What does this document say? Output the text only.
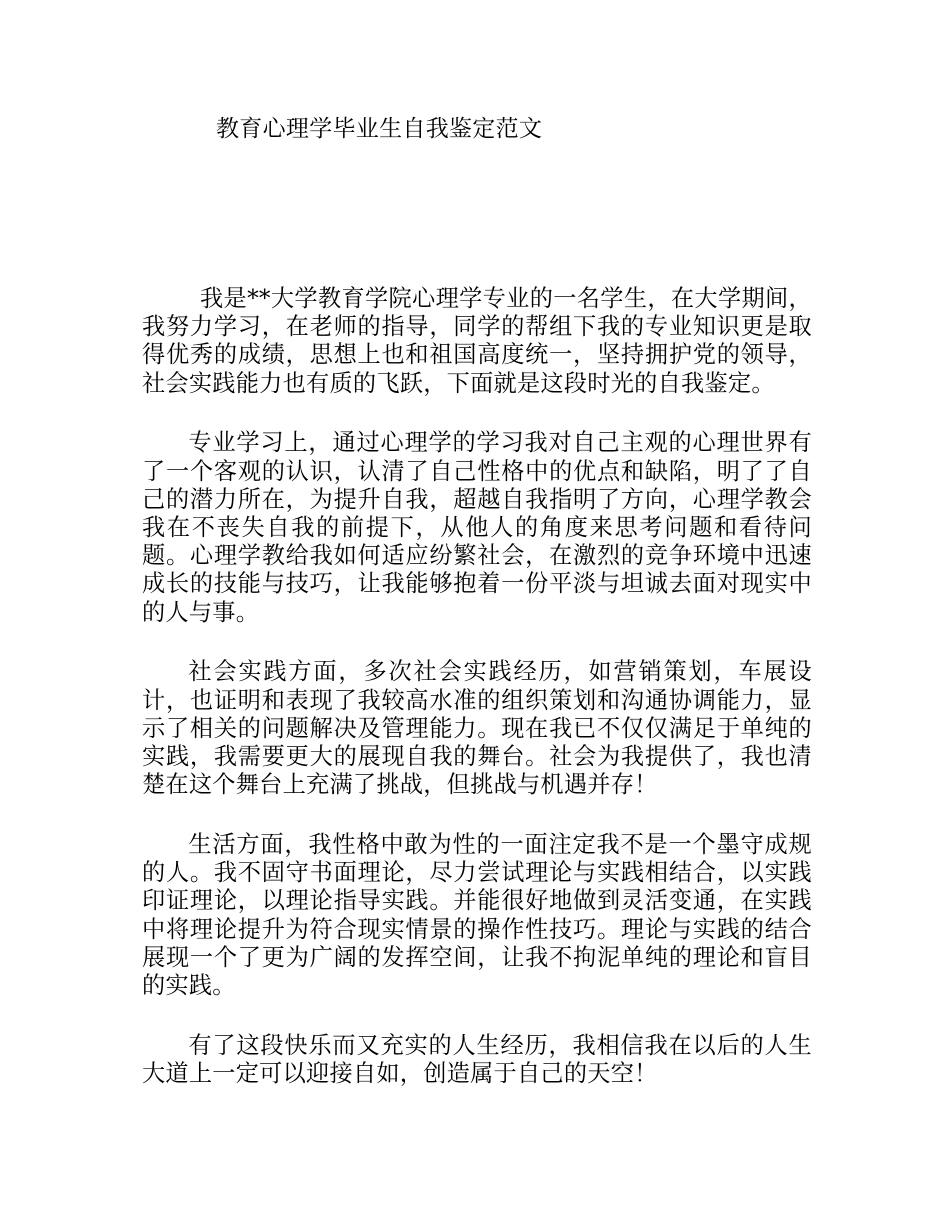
教育心理学毕业生自我鉴定范文

我是**大学教育学院心理学专业的一名学生，在大学期间，我努力学习，在老师的指导，同学的帮组下我的专业知识更是取得优秀的成绩，思想上也和祖国高度统一，坚持拥护党的领导，社会实践能力也有质的飞跃，下面就是这段时光的自我鉴定。

专业学习上，通过心理学的学习我对自己主观的心理世界有了一个客观的认识，认清了自己性格中的优点和缺陷，明了了自己的潜力所在，为提升自我，超越自我指明了方向，心理学教会我在不丧失自我的前提下，从他人的角度来思考问题和看待问题。心理学教给我如何适应纷繁社会，在激烈的竞争环境中迅速成长的技能与技巧，让我能够抱着一份平淡与坦诚去面对现实中的人与事。

社会实践方面，多次社会实践经历，如营销策划，车展设计，也证明和表现了我较高水准的组织策划和沟通协调能力，显示了相关的问题解决及管理能力。现在我已不仅仅满足于单纯的实践，我需要更大的展现自我的舞台。社会为我提供了，我也清楚在这个舞台上充满了挑战，但挑战与机遇并存！

生活方面，我性格中敢为性的一面注定我不是一个墨守成规的人。我不固守书面理论，尽力尝试理论与实践相结合，以实践印证理论，以理论指导实践。并能很好地做到灵活变通，在实践中将理论提升为符合现实情景的操作性技巧。理论与实践的结合展现一个了更为广阔的发挥空间，让我不拘泥单纯的理论和盲目的实践。

有了这段快乐而又充实的人生经历，我相信我在以后的人生大道上一定可以迎接自如，创造属于自己的天空！
